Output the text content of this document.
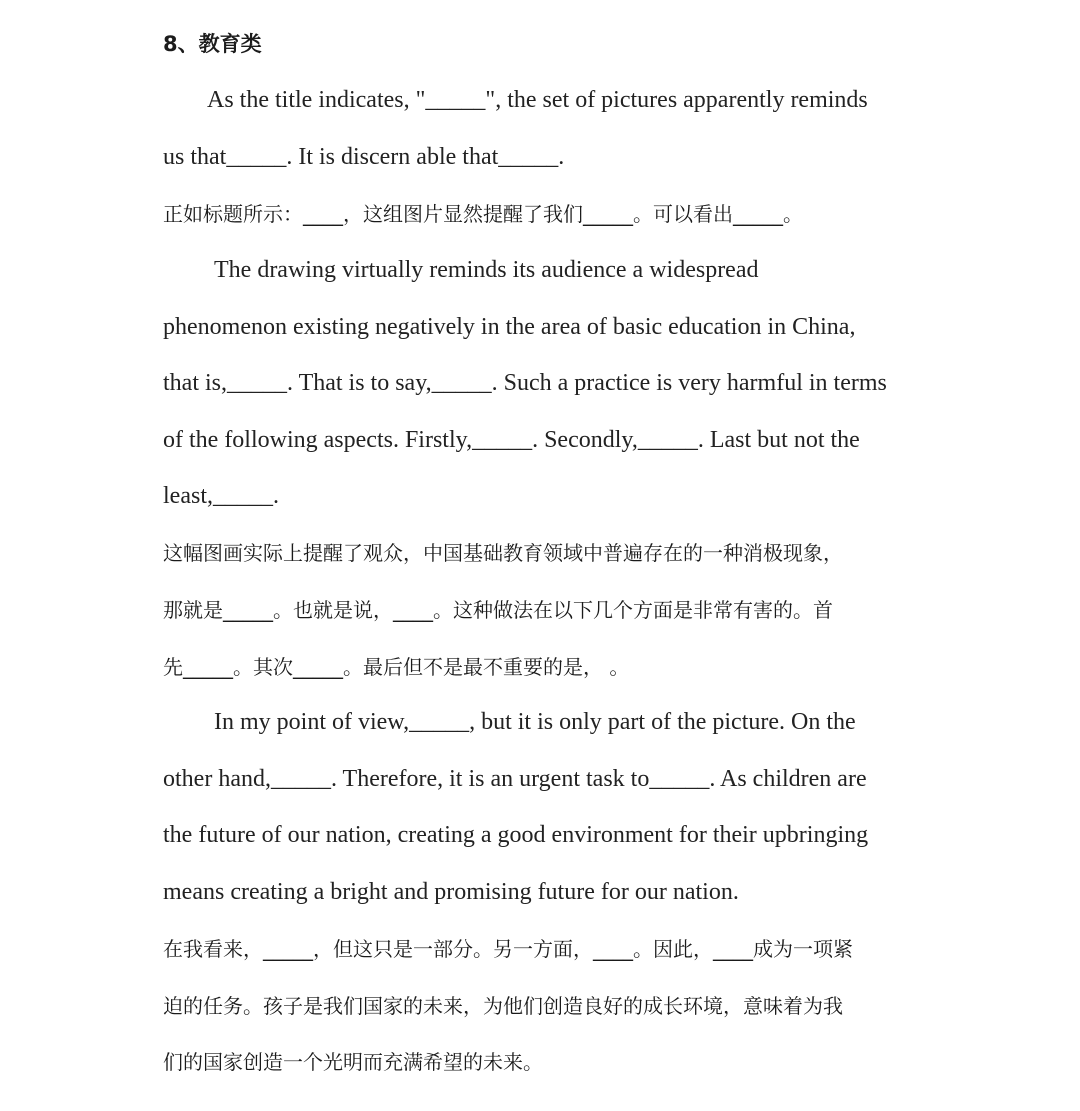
8、教育类
As the title indicates, "_____", the set of pictures apparently reminds
us that_____. It is discern able that_____.
正如标题所示：____，这组图片显然提醒了我们_____。可以看出_____。
The drawing virtually reminds its audience a widespread
phenomenon existing negatively in the area of basic education in China,
that is,_____. That is to say,_____. Such a practice is very harmful in terms
of the following aspects. Firstly,_____. Secondly,_____. Last but not the
least,_____.
这幅图画实际上提醒了观众，中国基础教育领域中普遍存在的一种消极现象，
那就是_____。也就是说，____。这种做法在以下几个方面是非常有害的。首
先_____。其次_____。最后但不是最不重要的是， 。
In my point of view,_____, but it is only part of the picture. On the
other hand,_____. Therefore, it is an urgent task to_____. As children are
the future of our nation, creating a good environment for their upbringing
means creating a bright and promising future for our nation.
在我看来，_____，但这只是一部分。另一方面，____。因此，____成为一项紧
迫的任务。孩子是我们国家的未来，为他们创造良好的成长环境，意味着为我
们的国家创造一个光明而充满希望的未来。
